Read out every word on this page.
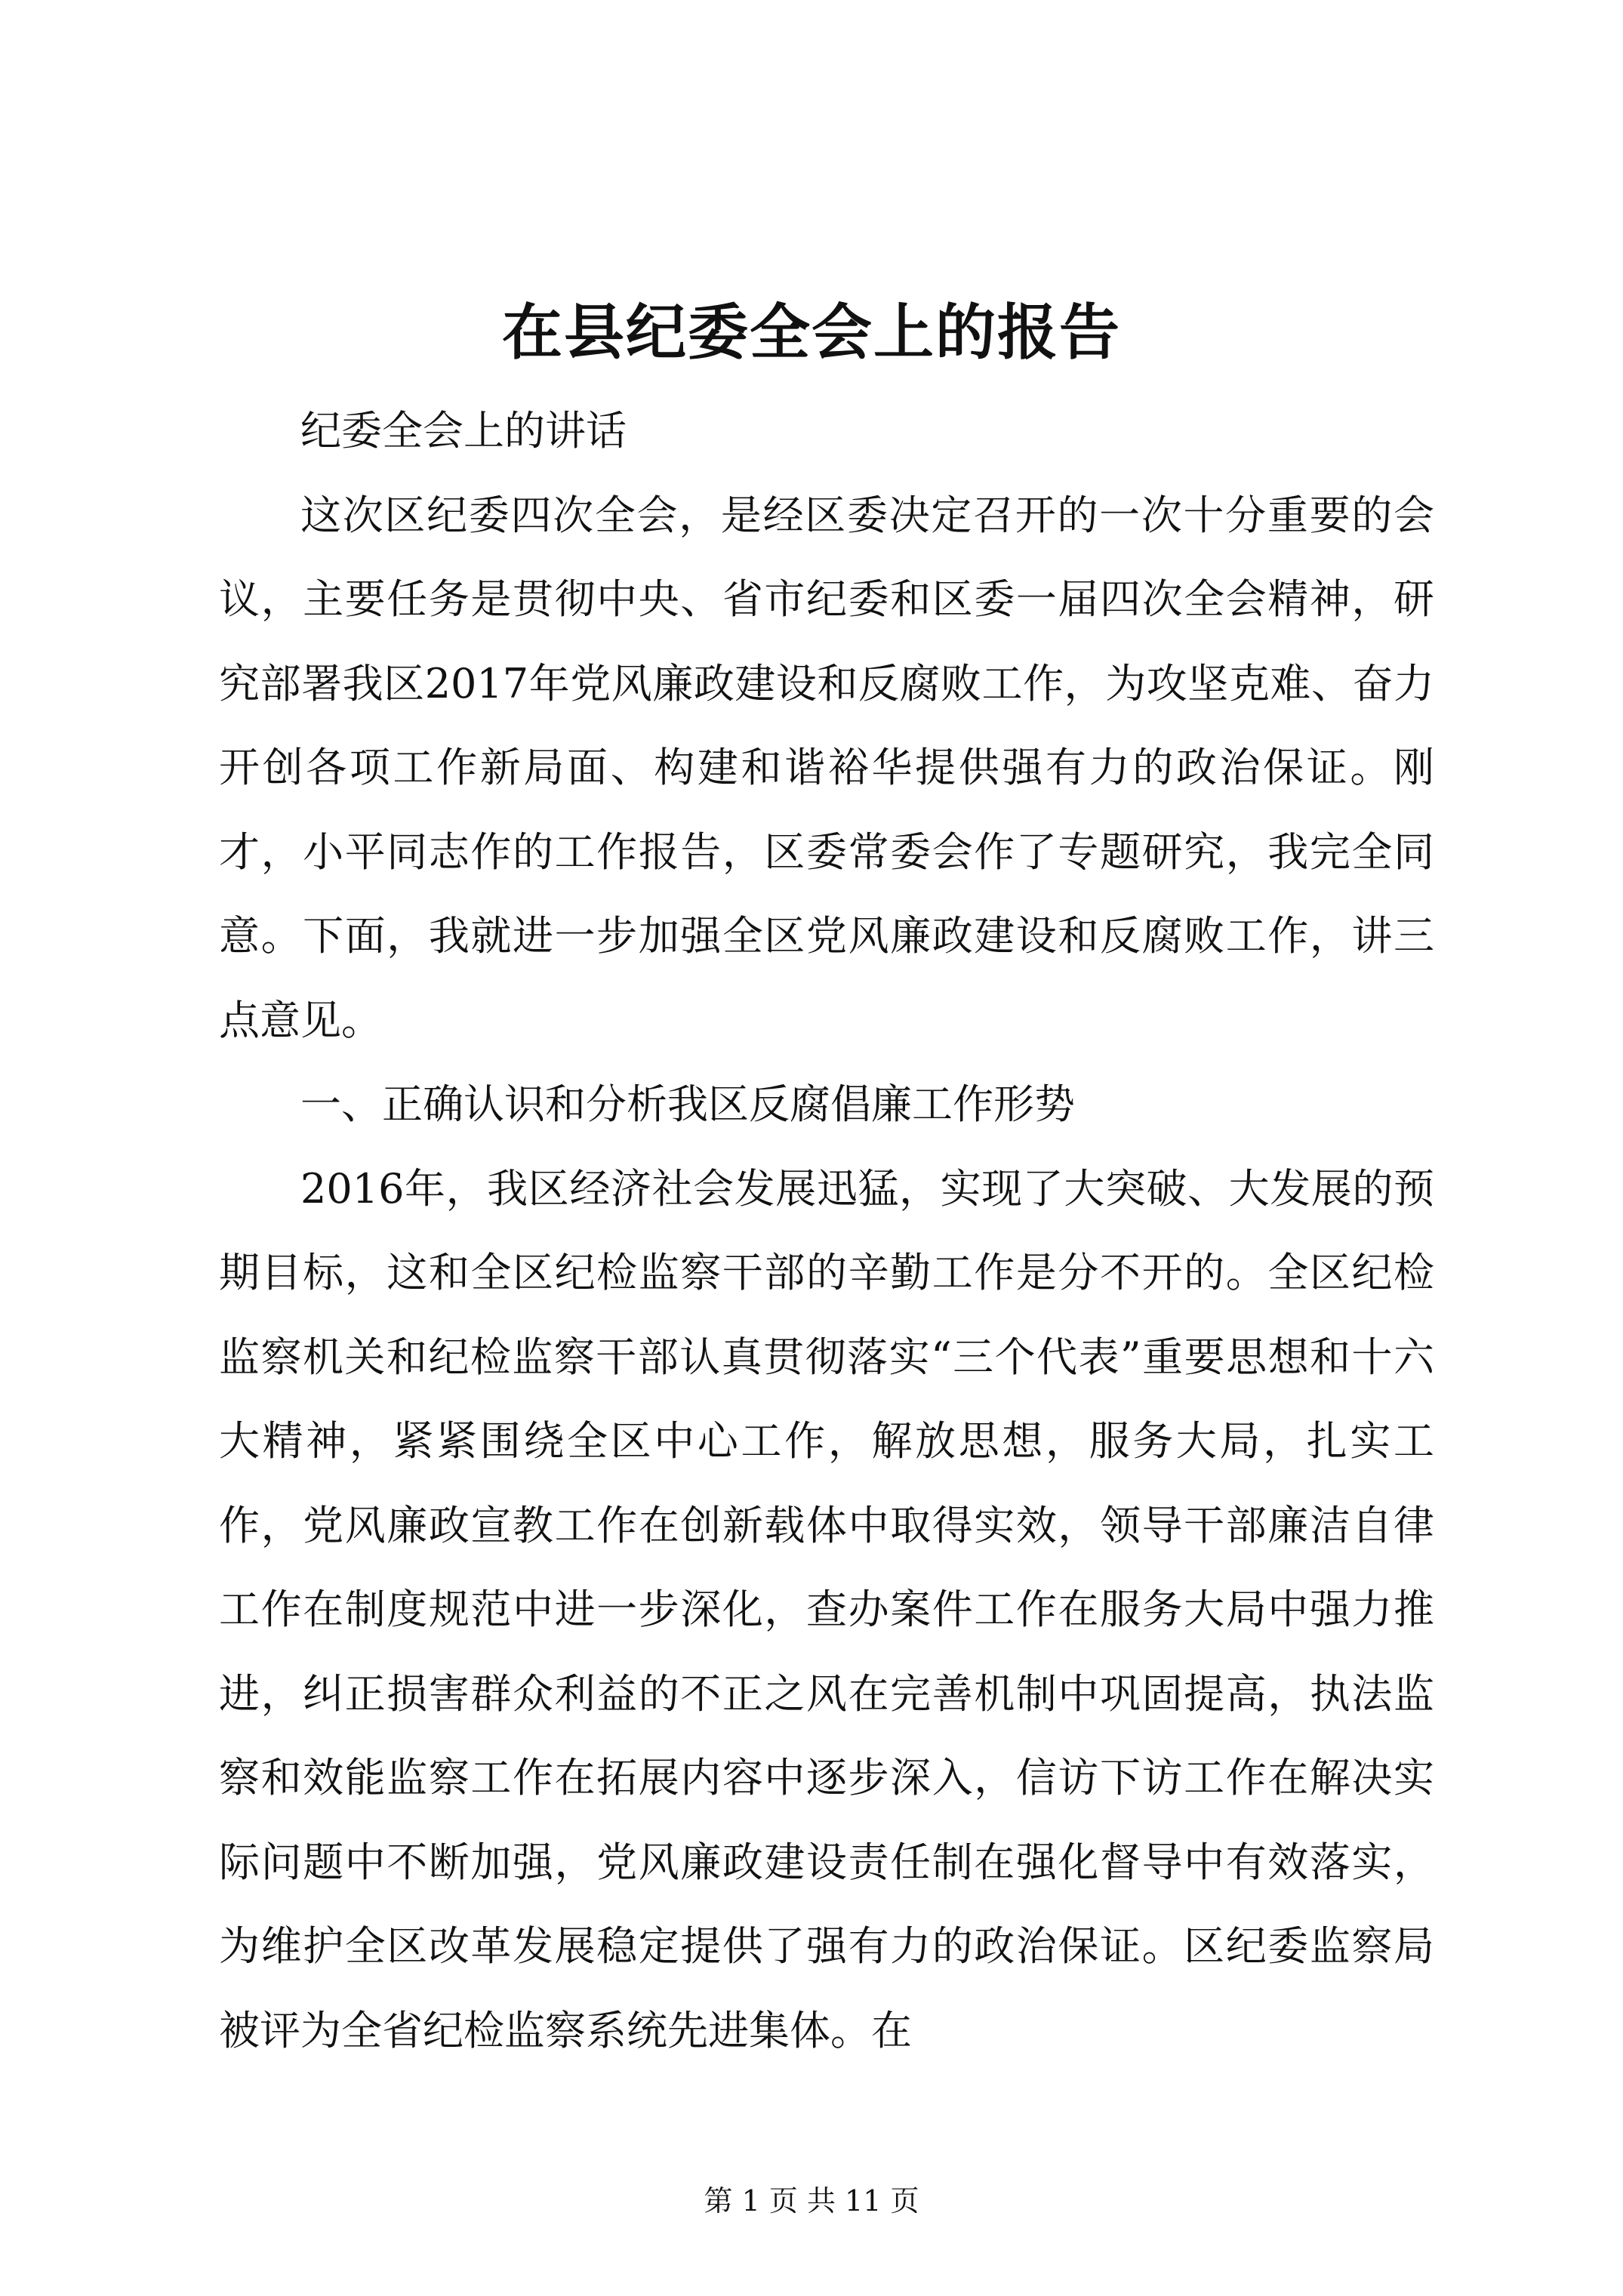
在县纪委全会上的报告

纪委全会上的讲话

这次区纪委四次全会，是经区委决定召开的一次十分重要的会议，主要任务是贯彻中央、省市纪委和区委一届四次全会精神，研究部署我区2017年党风廉政建设和反腐败工作，为攻坚克难、奋力开创各项工作新局面、构建和谐裕华提供强有力的政治保证。刚才，小平同志作的工作报告，区委常委会作了专题研究，我完全同意。下面，我就进一步加强全区党风廉政建设和反腐败工作，讲三点意见。

一、正确认识和分析我区反腐倡廉工作形势

2016年，我区经济社会发展迅猛，实现了大突破、大发展的预期目标，这和全区纪检监察干部的辛勤工作是分不开的。全区纪检监察机关和纪检监察干部认真贯彻落实“三个代表”重要思想和十六大精神，紧紧围绕全区中心工作，解放思想，服务大局，扎实工作，党风廉政宣教工作在创新载体中取得实效，领导干部廉洁自律工作在制度规范中进一步深化，查办案件工作在服务大局中强力推进，纠正损害群众利益的不正之风在完善机制中巩固提高，执法监察和效能监察工作在拓展内容中逐步深入，信访下访工作在解决实际问题中不断加强，党风廉政建设责任制在强化督导中有效落实，为维护全区改革发展稳定提供了强有力的政治保证。区纪委监察局被评为全省纪检监察系统先进集体。在

第 1 页 共 11 页
